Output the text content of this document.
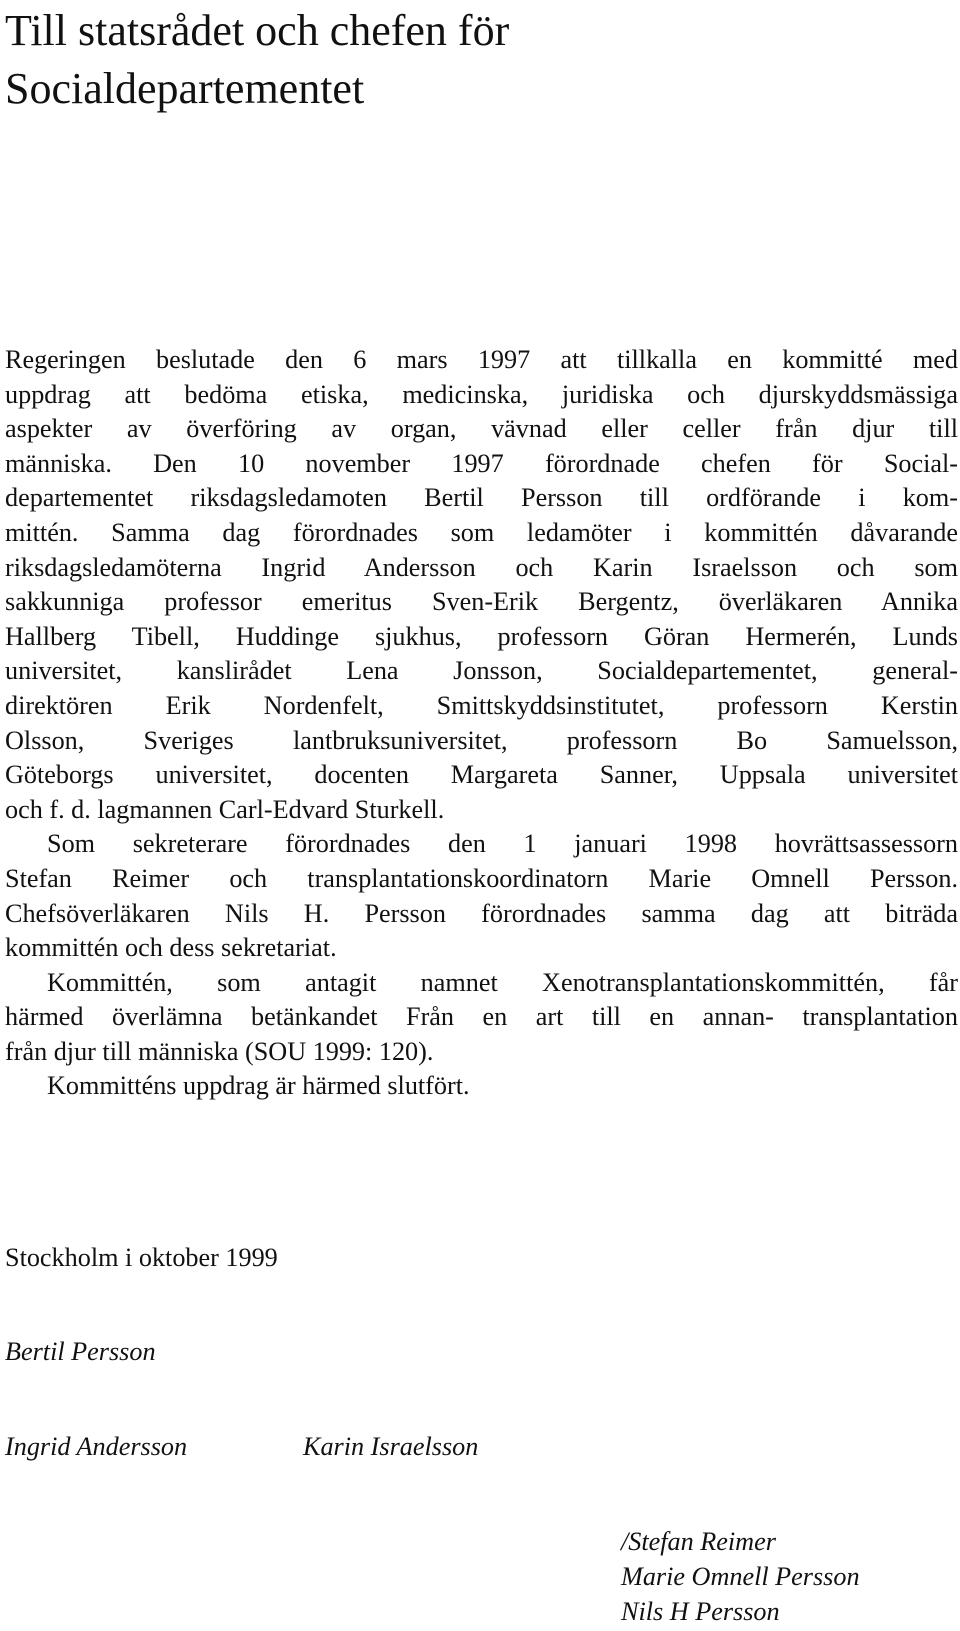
Till statsrådet och chefen för
Socialdepartementet
Regeringen beslutade den 6 mars 1997 att tillkalla en kommitté med
uppdrag att bedöma etiska, medicinska, juridiska och djurskyddsmässiga
aspekter av överföring av organ, vävnad eller celler från djur till
människa. Den 10 november 1997 förordnade chefen för Social-
departementet riksdagsledamoten Bertil Persson till ordförande i kom-
mittén. Samma dag förordnades som ledamöter i kommittén dåvarande
riksdagsledamöterna Ingrid Andersson och Karin Israelsson och som
sakkunniga professor emeritus Sven-Erik Bergentz, överläkaren Annika
Hallberg Tibell, Huddinge sjukhus, professorn Göran Hermerén, Lunds
universitet, kanslirådet Lena Jonsson, Socialdepartementet, general-
direktören Erik Nordenfelt, Smittskyddsinstitutet, professorn Kerstin
Olsson, Sveriges lantbruksuniversitet, professorn Bo Samuelsson,
Göteborgs universitet, docenten Margareta Sanner, Uppsala universitet
och f. d. lagmannen Carl-Edvard Sturkell.
Som sekreterare förordnades den 1 januari 1998 hovrättsassessorn
Stefan Reimer och transplantationskoordinatorn Marie Omnell Persson.
Chefsöverläkaren Nils H. Persson förordnades samma dag att biträda
kommittén och dess sekretariat.
Kommittén, som antagit namnet Xenotransplantationskommittén, får
härmed överlämna betänkandet Från en art till en annan- transplantation
från djur till människa (SOU 1999: 120).
Kommitténs uppdrag är härmed slutfört.

Stockholm i oktober 1999

Bertil Persson
Ingrid Andersson	Karin Israelsson
/Stefan Reimer
Marie Omnell Persson
Nils H Persson
